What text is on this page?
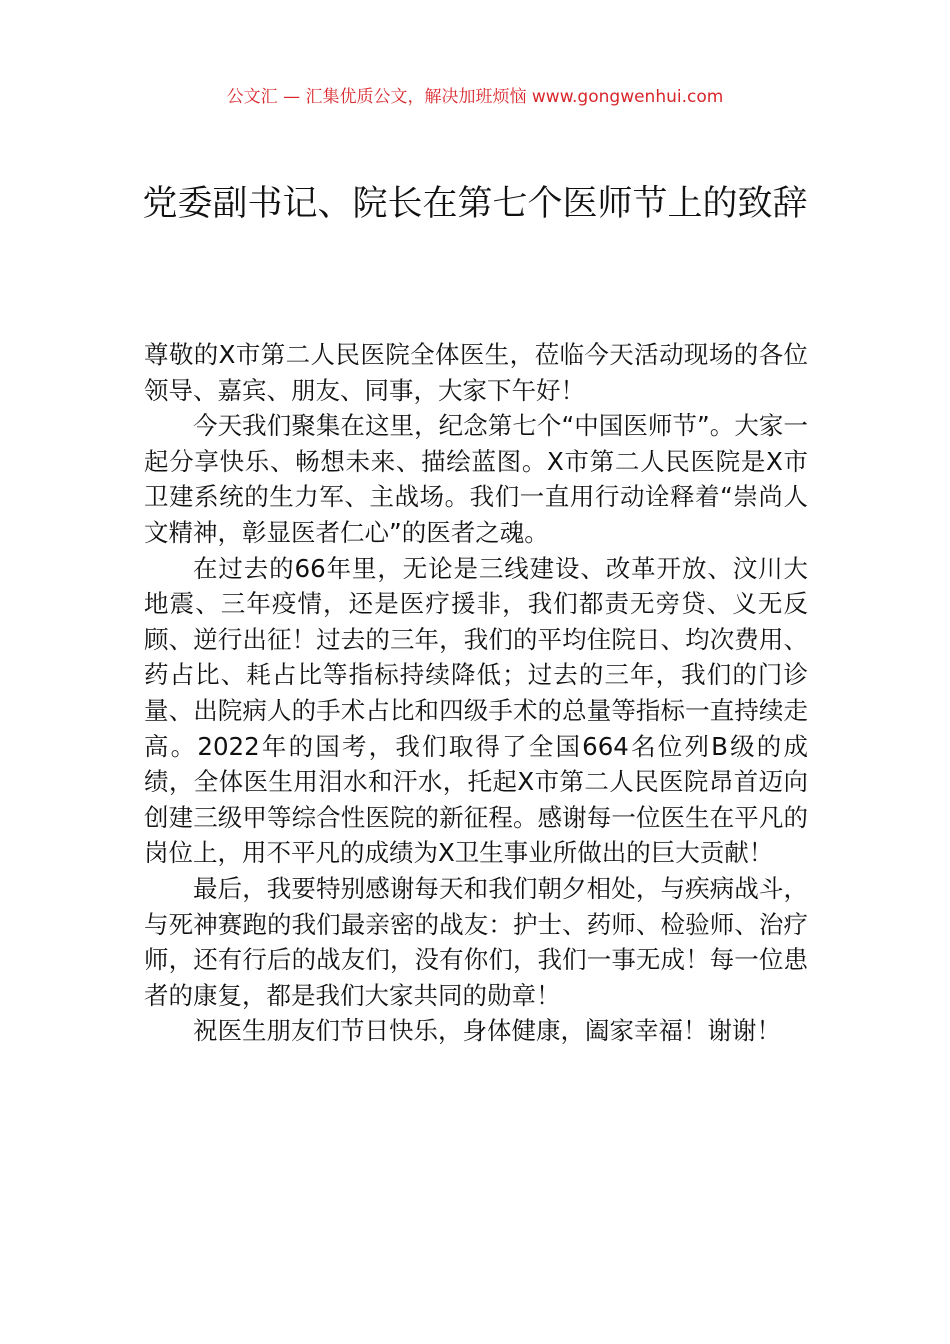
公文汇 — 汇集优质公文，解决加班烦恼 www.gongwenhui.com
党委副书记、院长在第七个医师节上的致辞

尊敬的X市第二人民医院全体医生，莅临今天活动现场的各位领导、嘉宾、朋友、同事，大家下午好！

今天我们聚集在这里，纪念第七个“中国医师节”。大家一起分享快乐、畅想未来、描绘蓝图。X市第二人民医院是X市卫建系统的生力军、主战场。我们一直用行动诠释着“崇尚人文精神，彰显医者仁心”的医者之魂。

在过去的66年里，无论是三线建设、改革开放、汶川大地震、三年疫情，还是医疗援非，我们都责无旁贷、义无反顾、逆行出征！过去的三年，我们的平均住院日、均次费用、药占比、耗占比等指标持续降低；过去的三年，我们的门诊量、出院病人的手术占比和四级手术的总量等指标一直持续走高。2022年的国考，我们取得了全国664名位列B级的成绩，全体医生用泪水和汗水，托起X市第二人民医院昂首迈向创建三级甲等综合性医院的新征程。感谢每一位医生在平凡的岗位上，用不平凡的成绩为X卫生事业所做出的巨大贡献！

最后，我要特别感谢每天和我们朝夕相处，与疾病战斗，与死神赛跑的我们最亲密的战友：护士、药师、检验师、治疗师，还有行后的战友们，没有你们，我们一事无成！每一位患者的康复，都是我们大家共同的勋章！

祝医生朋友们节日快乐，身体健康，阖家幸福！谢谢！
